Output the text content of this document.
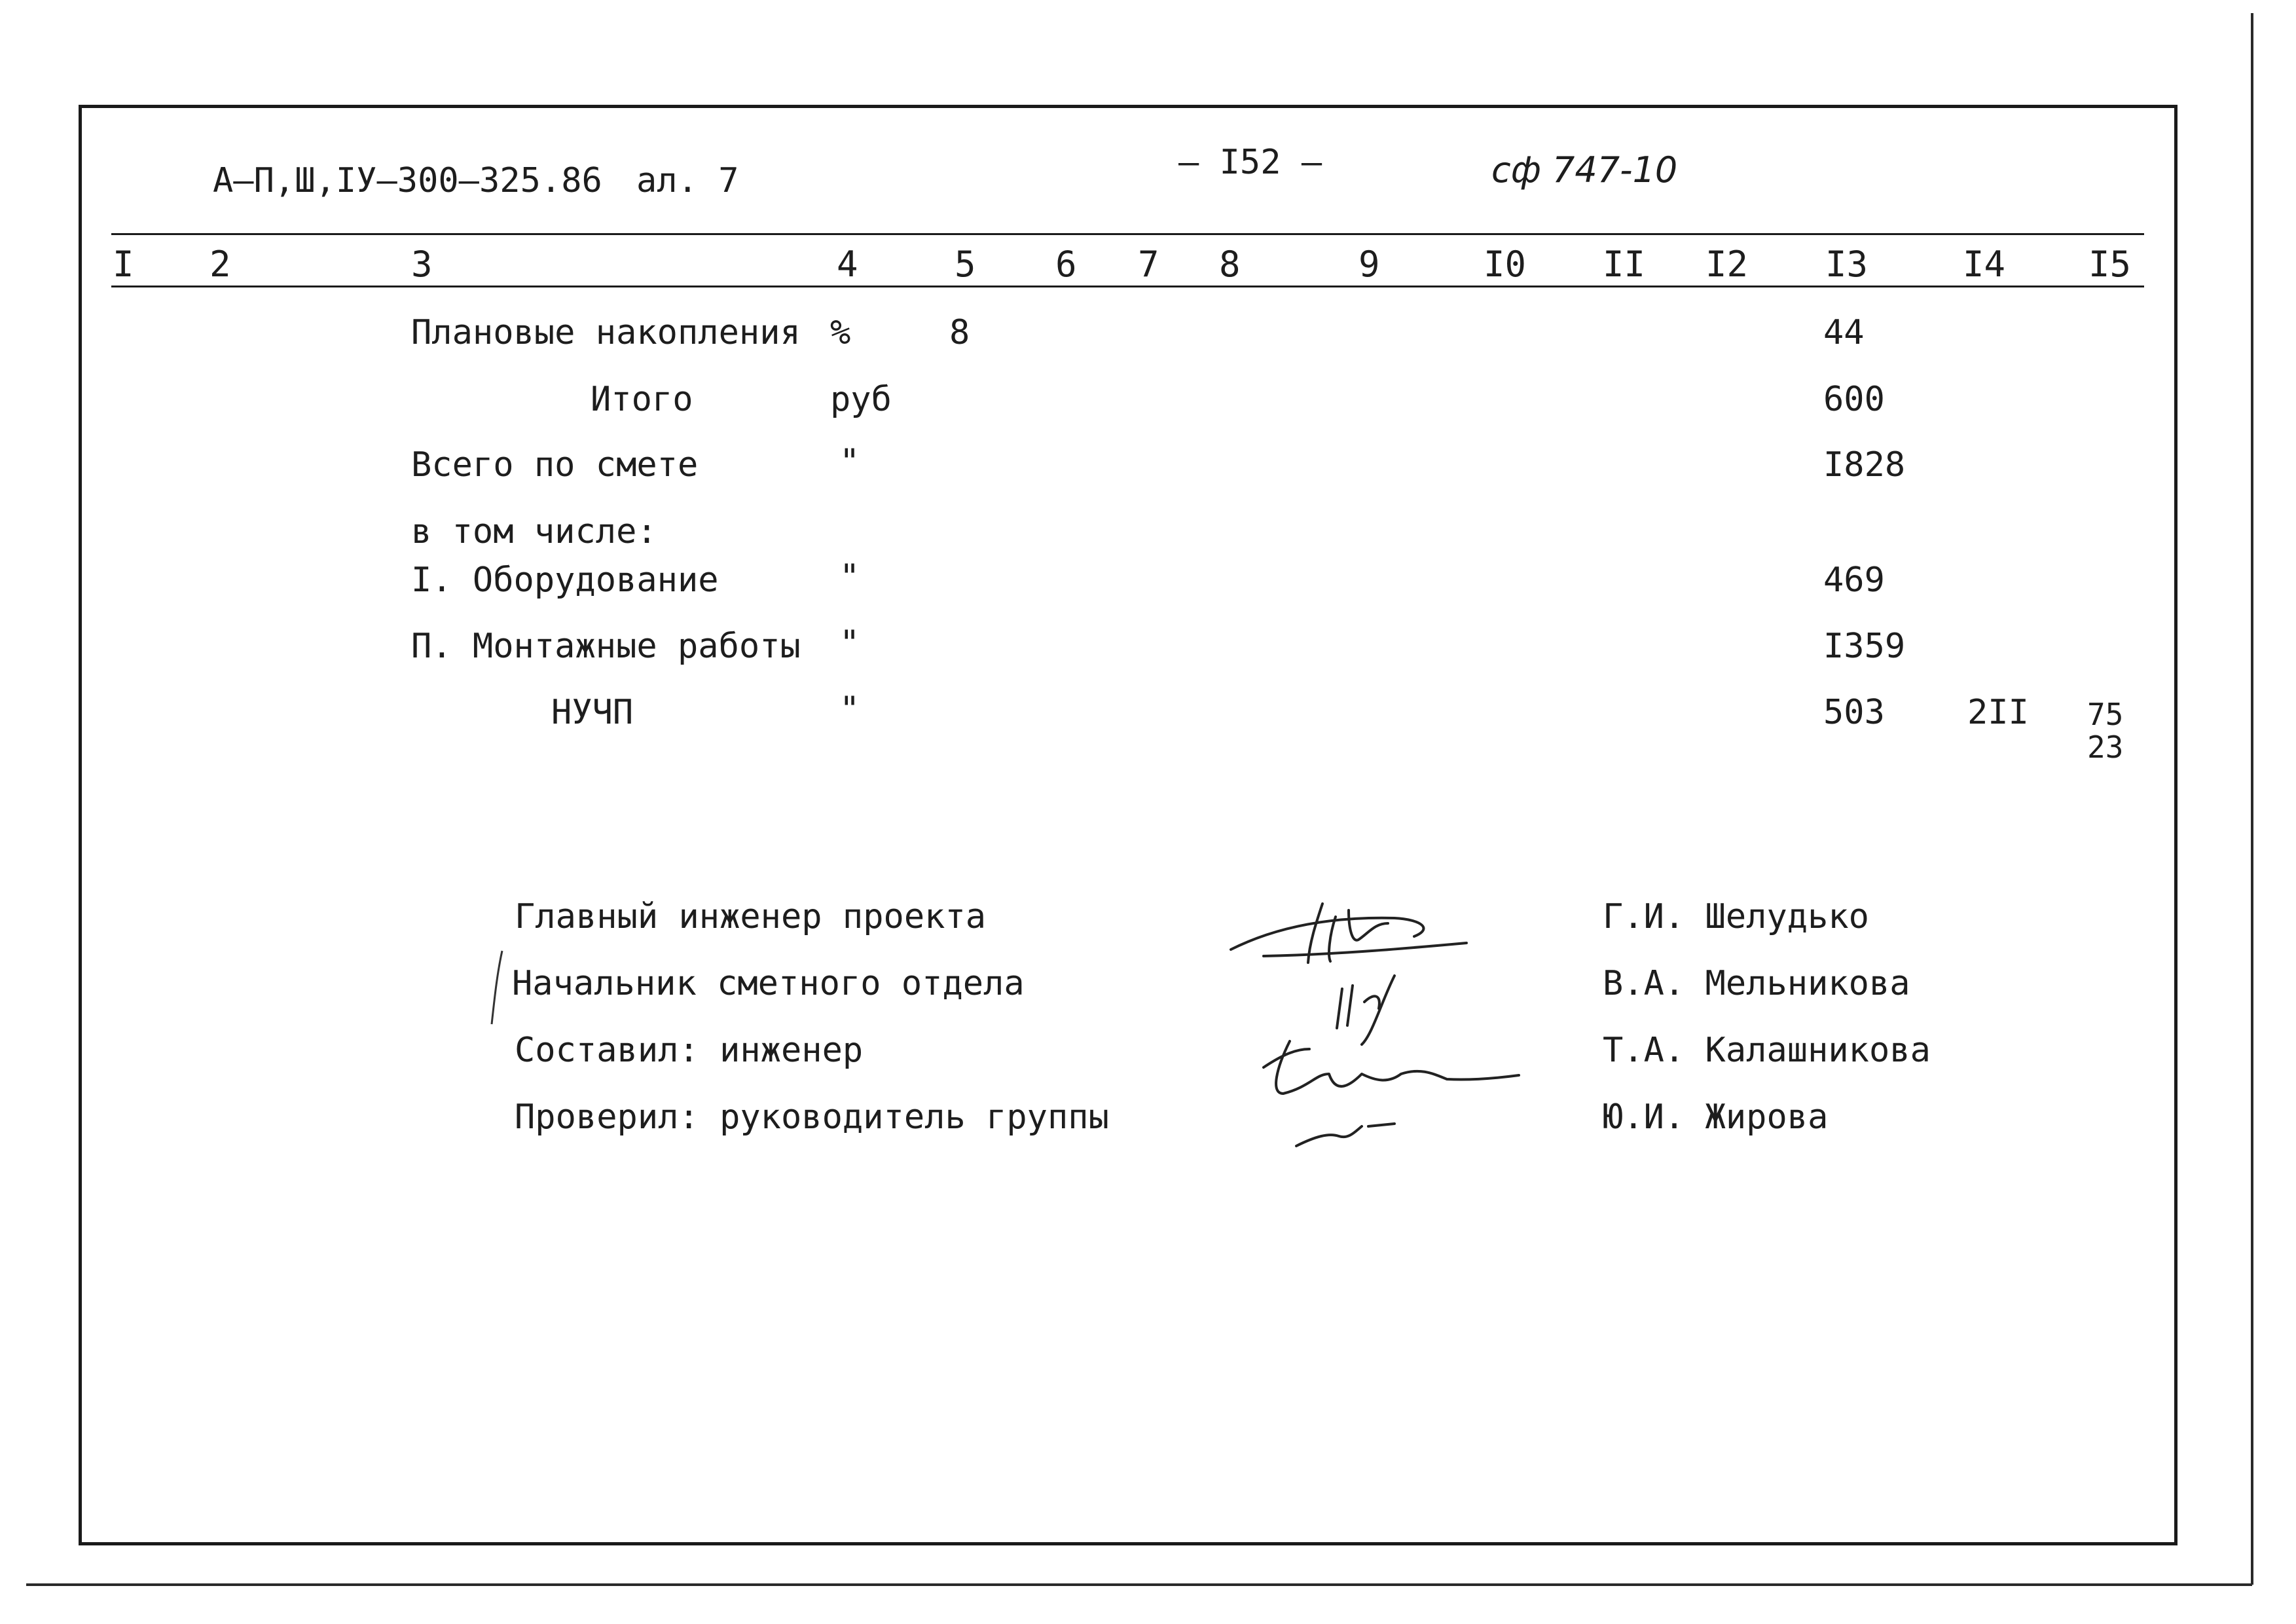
А–П,Ш,IУ–300–325.86 ал. 7	– I52 –	сф 747-10
I 2	3	4	5 6 7 8	9	I0 II I2 I3	I4 I5
Плановые накопления %	8	44
Итого	руб	600
Всего по смете	"	I828
в том числе:
I. Оборудование	"	469
П. Монтажные работы "	I359
НУЧП	"	503 2II 75
23
Главный инженер проекта	Г.И. Шелудько
Начальник сметного отдела	В.А. Мельникова
Составил: инженер	Т.А. Калашникова
Проверил: руководитель группы	Ю.И. Жирова
